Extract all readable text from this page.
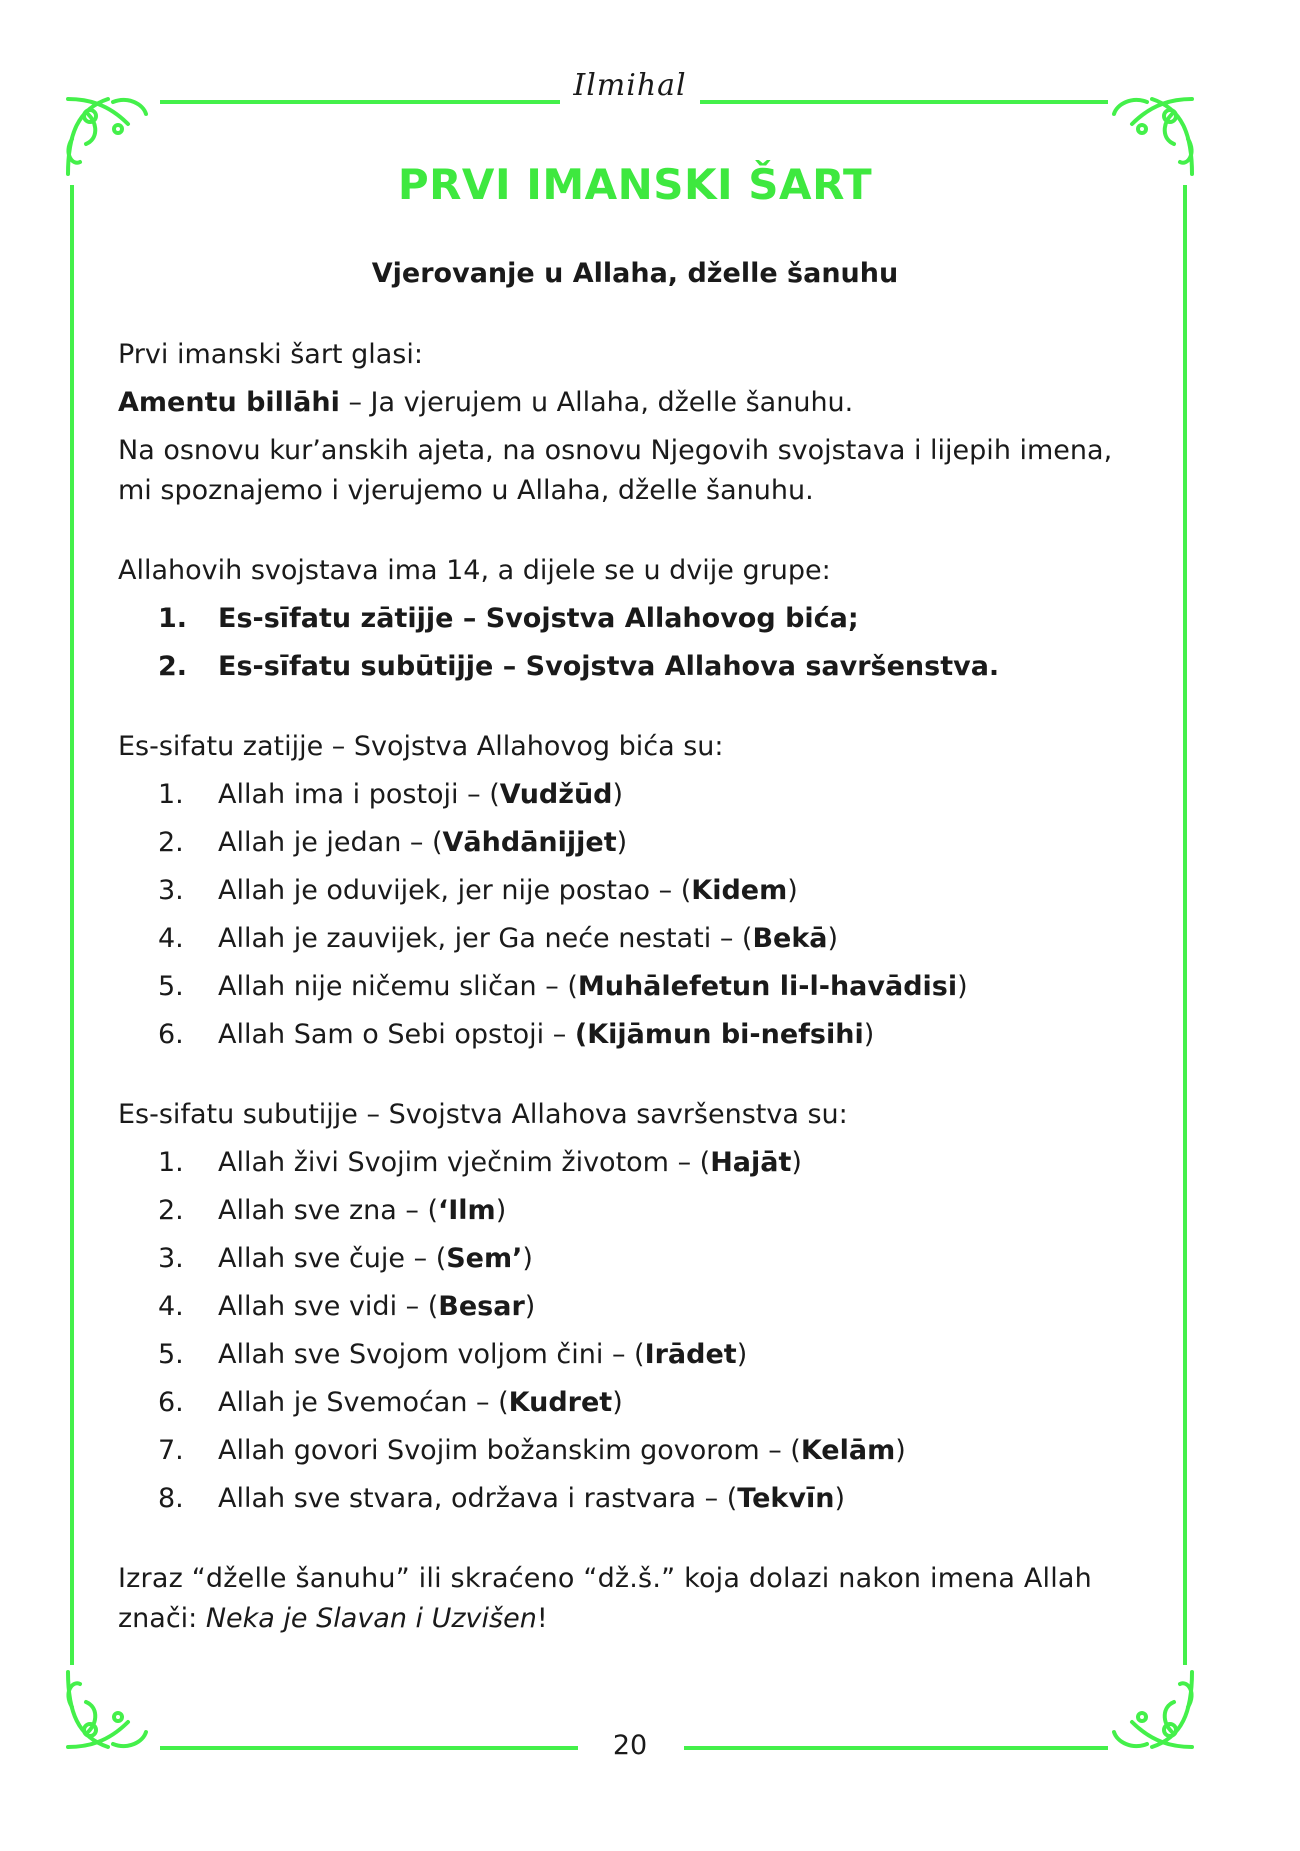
Ilmihal
20
PRVI IMANSKI ŠART
Vjerovanje u Allaha, dželle šanuhu
Prvi imanski šart glasi:
Amentu billāhi – Ja vjerujem u Allaha, dželle šanuhu.
Na osnovu kur’anskih ajeta, na osnovu Njegovih svojstava i lijepih imena,
mi spoznajemo i vjerujemo u Allaha, dželle šanuhu.
Allahovih svojstava ima 14, a dijele se u dvije grupe:
1. Es-sīfatu zātijje – Svojstva Allahovog bića;
2. Es-sīfatu subūtijje – Svojstva Allahova savršenstva.
Es-sifatu zatijje – Svojstva Allahovog bića su:
1. Allah ima i postoji – (Vudžūd)
2. Allah je jedan – (Vāhdānijjet)
3. Allah je oduvijek, jer nije postao – (Kidem)
4. Allah je zauvijek, jer Ga neće nestati – (Bekā)
5. Allah nije ničemu sličan – (Muhālefetun li-l-havādisi)
6. Allah Sam o Sebi opstoji – (Kijāmun bi-nefsihi)
Es-sifatu subutijje – Svojstva Allahova savršenstva su:
1. Allah živi Svojim vječnim životom – (Hajāt)
2. Allah sve zna – (‘Ilm)
3. Allah sve čuje – (Sem’)
4. Allah sve vidi – (Besar)
5. Allah sve Svojom voljom čini – (Irādet)
6. Allah je Svemoćan – (Kudret)
7. Allah govori Svojim božanskim govorom – (Kelām)
8. Allah sve stvara, održava i rastvara – (Tekvīn)
Izraz “dželle šanuhu” ili skraćeno “dž.š.” koja dolazi nakon imena Allah
znači: Neka je Slavan i Uzvišen!
